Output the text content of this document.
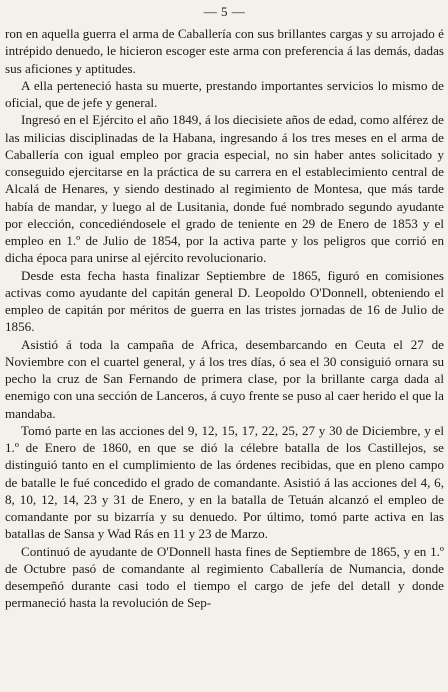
— 5 —

ron en aquella guerra el arma de Caballería con sus brillantes cargas y su arrojado é intrépido denuedo, le hicieron escoger este arma con preferencia á las demás, dadas sus aficiones y aptitudes.

A ella perteneció hasta su muerte, prestando importantes servicios lo mismo de oficial, que de jefe y general.

Ingresó en el Ejército el año 1849, á los diecisiete años de edad, como alférez de las milicias disciplinadas de la Habana, ingresando á los tres meses en el arma de Caballería con igual empleo por gracia especial, no sin haber antes solicitado y conseguido ejercitarse en la práctica de su carrera en el establecimiento central de Alcalá de Henares, y siendo destinado al regimiento de Montesa, que más tarde había de mandar, y luego al de Lusitania, donde fué nombrado segundo ayudante por elección, concediéndosele el grado de teniente en 29 de Enero de 1853 y el empleo en 1.º de Julio de 1854, por la activa parte y los peligros que corrió en dicha época para unirse al ejército revolucionario.

Desde esta fecha hasta finalizar Septiembre de 1865, figuró en comisiones activas como ayudante del capitán general D. Leopoldo O'Donnell, obteniendo el empleo de capitán por méritos de guerra en las tristes jornadas de 16 de Julio de 1856.

Asistió á toda la campaña de Africa, desembarcando en Ceuta el 27 de Noviembre con el cuartel general, y á los tres días, ó sea el 30 consiguió ornara su pecho la cruz de San Fernando de primera clase, por la brillante carga dada al enemigo con una sección de Lanceros, á cuyo frente se puso al caer herido el que la mandaba.

Tomó parte en las acciones del 9, 12, 15, 17, 22, 25, 27 y 30 de Diciembre, y el 1.º de Enero de 1860, en que se dió la célebre batalla de los Castillejos, se distinguió tanto en el cumplimiento de las órdenes recibidas, que en pleno campo de batalle le fué concedido el grado de comandante. Asistió á las acciones del 4, 6, 8, 10, 12, 14, 23 y 31 de Enero, y en la batalla de Tetuán alcanzó el empleo de comandante por su bizarría y su denuedo. Por último, tomó parte activa en las batallas de Sansa y Wad Rás en 11 y 23 de Marzo.

Continuó de ayudante de O'Donnell hasta fines de Septiembre de 1865, y en 1.º de Octubre pasó de comandante al regimiento Caballería de Numancia, donde desempeñó durante casi todo el tiempo el cargo de jefe del detall y donde permaneció hasta la revolución de Sep-
